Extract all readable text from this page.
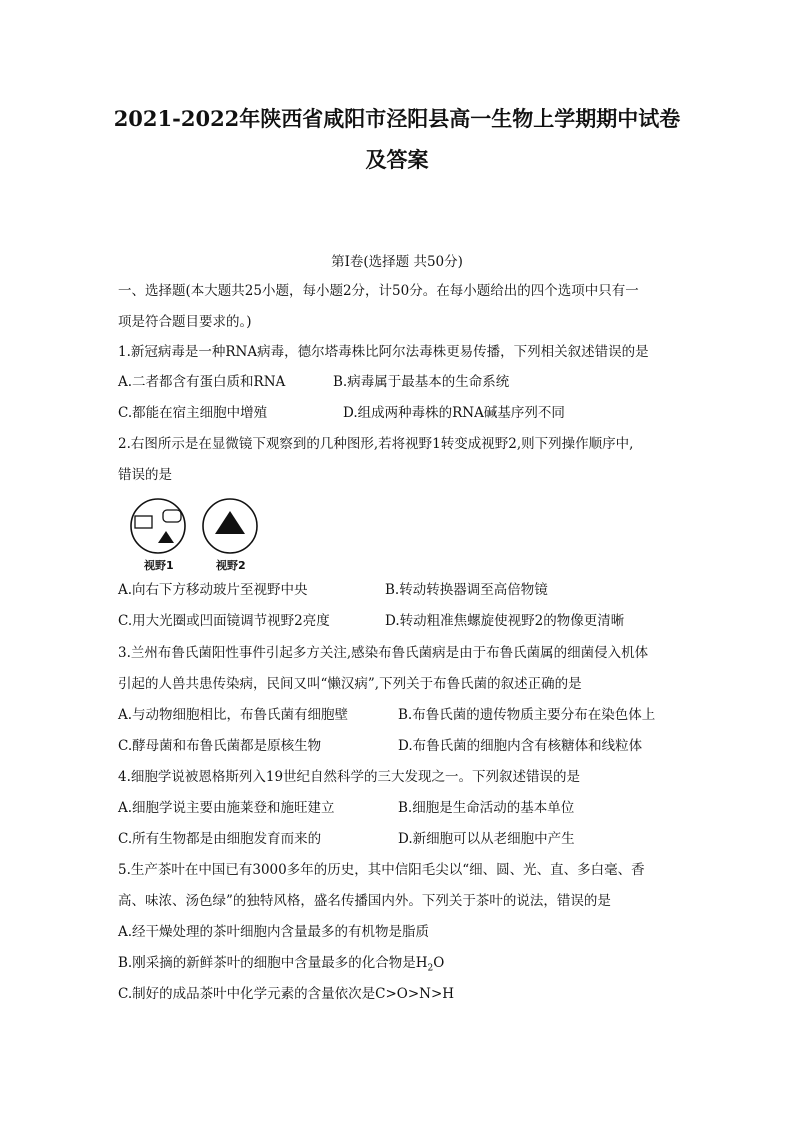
2021-2022年陕西省咸阳市泾阳县高一生物上学期期中试卷
及答案
第I卷(选择题 共50分)
一、选择题(本大题共25小题，每小题2分，计50分。在每小题给出的四个选项中只有一
项是符合题目要求的。)
1.新冠病毒是一种RNA病毒，德尔塔毒株比阿尔法毒株更易传播，下列相关叙述错误的是
A.二者都含有蛋白质和RNA	B.病毒属于最基本的生命系统
C.都能在宿主细胞中增殖	D.组成两种毒株的RNA碱基序列不同
2.右图所示是在显微镜下观察到的几种图形,若将视野1转变成视野2,则下列操作顺序中,
错误的是
视野1	视野2
A.向右下方移动玻片至视野中央	B.转动转换器调至高倍物镜
C.用大光圈或凹面镜调节视野2亮度	D.转动粗准焦螺旋使视野2的物像更清晰
3.兰州布鲁氏菌阳性事件引起多方关注,感染布鲁氏菌病是由于布鲁氏菌属的细菌侵入机体
引起的人兽共患传染病，民间又叫“懒汉病”,下列关于布鲁氏菌的叙述正确的是
A.与动物细胞相比，布鲁氏菌有细胞壁	B.布鲁氏菌的遗传物质主要分布在染色体上
C.酵母菌和布鲁氏菌都是原核生物	D.布鲁氏菌的细胞内含有核糖体和线粒体
4.细胞学说被恩格斯列入19世纪自然科学的三大发现之一。下列叙述错误的是
A.细胞学说主要由施莱登和施旺建立	B.细胞是生命活动的基本单位
C.所有生物都是由细胞发育而来的	D.新细胞可以从老细胞中产生
5.生产茶叶在中国已有3000多年的历史，其中信阳毛尖以“细、圆、光、直、多白毫、香
高、味浓、汤色绿”的独特风格，盛名传播国内外。下列关于茶叶的说法，错误的是
A.经干燥处理的茶叶细胞内含量最多的有机物是脂质
B.刚采摘的新鲜茶叶的细胞中含量最多的化合物是$H_2O$
C.制好的成品茶叶中化学元素的含量依次是C>O>N>H
